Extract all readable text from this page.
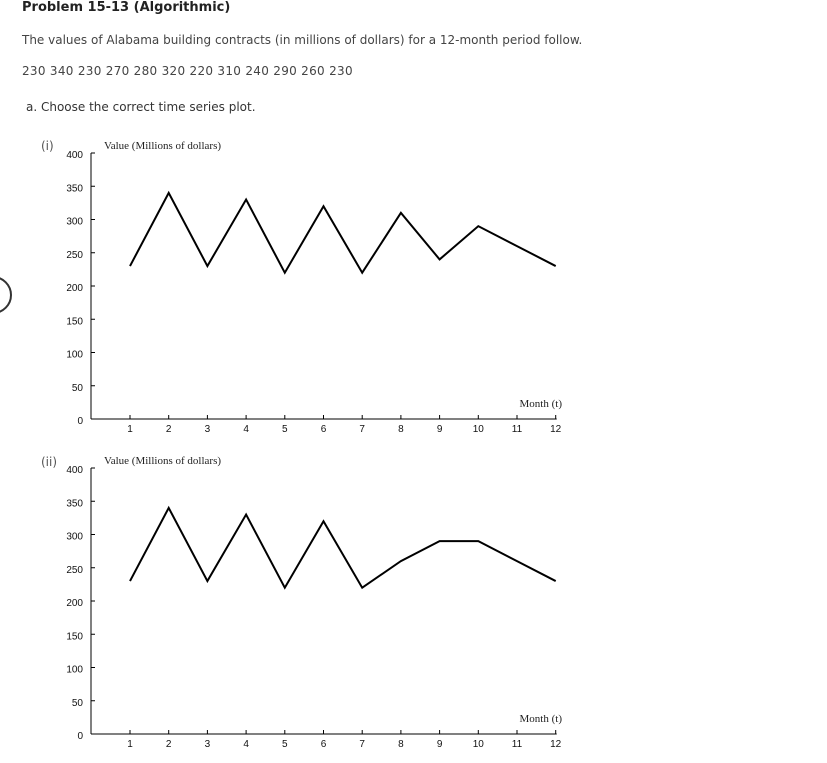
Problem 15-13 (Algorithmic)
The values of Alabama building contracts (in millions of dollars) for a 12-month period follow.
230 340 230 270 280 320 220 310 240 290 260 230
a. Choose the correct time series plot.
(i)
(ii)
0
50
100
150
200
250
300
350
400
1	2	3	4	5	6	7	8	9	10	11	12
Value (Millions of dollars)
Month (t)
0
50
100
150
200
250
300
350
400
1	2	3	4	5	6	7	8	9	10	11	12
Value (Millions of dollars)
Month (t)
